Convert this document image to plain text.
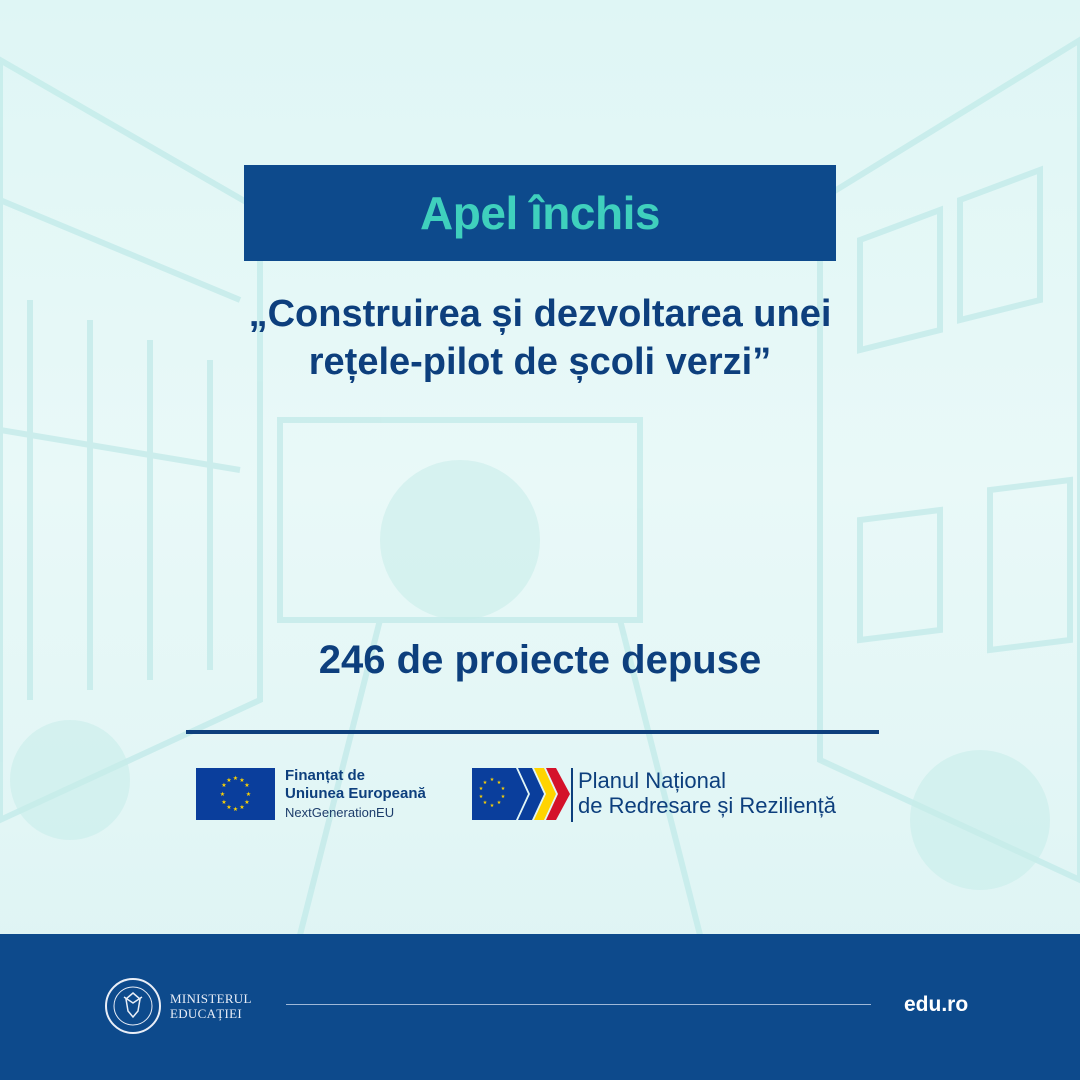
Apel închis
„Construirea și dezvoltarea unei
rețele-pilot de școli verzi”
246 de proiecte depuse
★ ★
★
★
★
★
★
★
★
★
★
★	Finanțat de
Uniunea Europeană
NextGenerationEU
★ ★
★
★
★
★
★
★
★
★	Planul Național
de Redresare și Reziliență
MINISTERUL
EDUCAȚIEI	edu.ro
